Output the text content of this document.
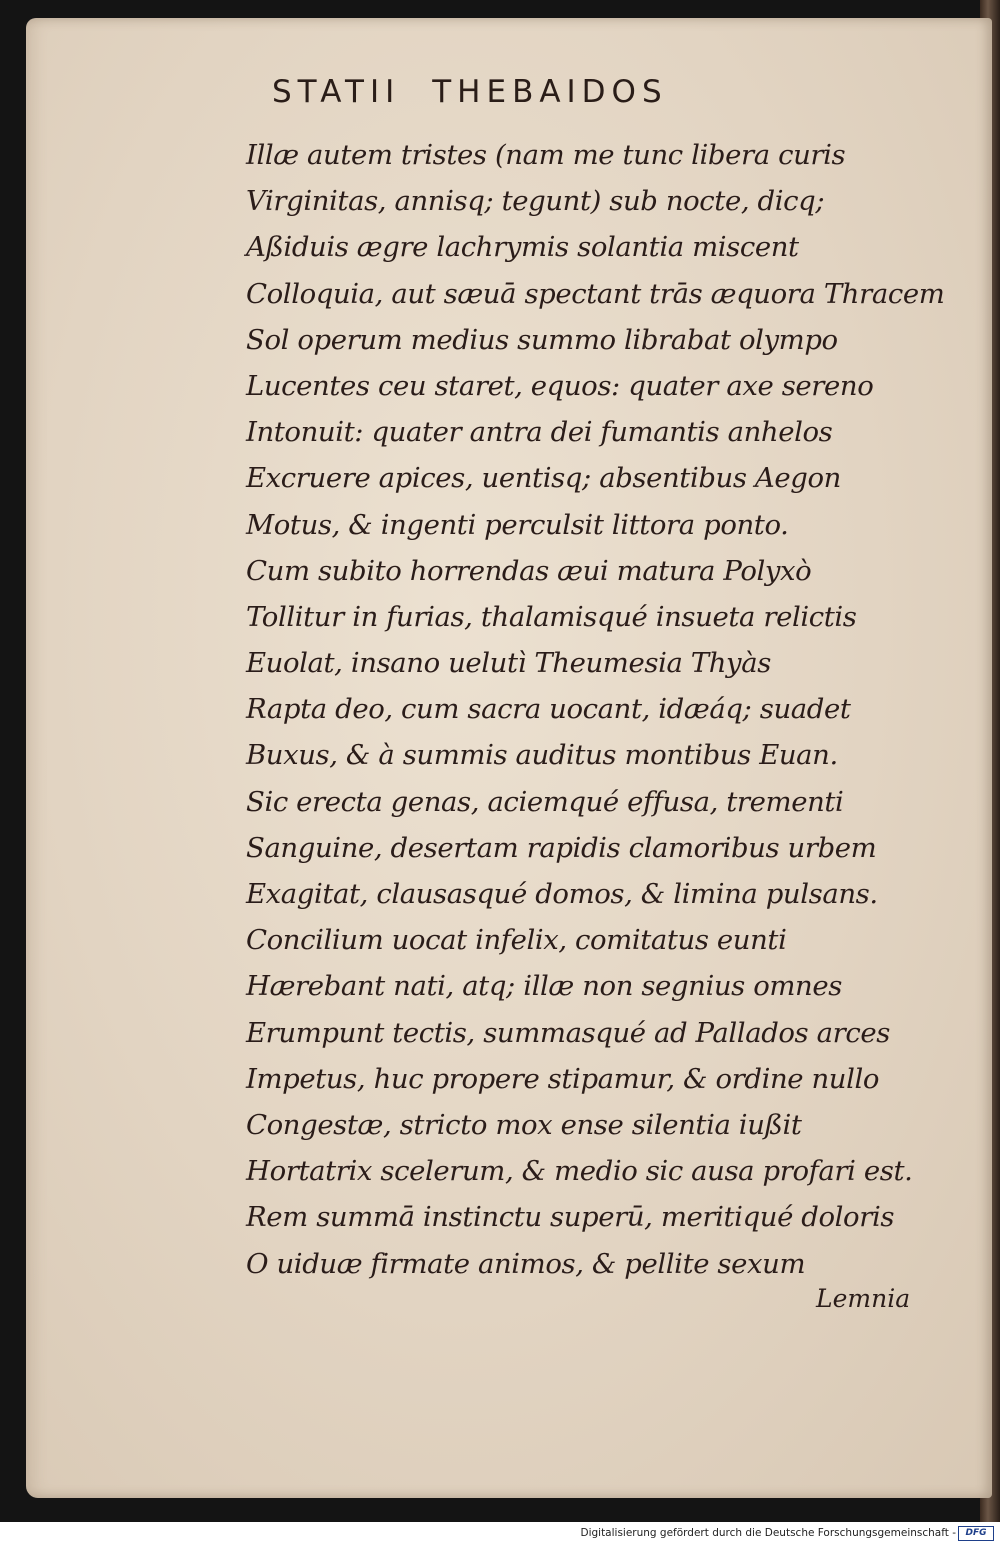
STATII THEBAIDOS
Illæ autem tristes (nam me tunc libera curis
Virginitas, annisq; tegunt) sub nocte, dicq;
Aßiduis ægre lachrymis solantia miscent
Colloquia, aut sæuā spectant trās æquora Thracem
Sol operum medius summo librabat olympo
Lucentes ceu staret, equos: quater axe sereno
Intonuit: quater antra dei fumantis anhelos
Excruere apices, uentisq; absentibus Aegon
Motus, & ingenti perculsit littora ponto.
Cum subito horrendas æui matura Polyxò
Tollitur in furias, thalamisqué insueta relictis
Euolat, insano uelutì Theumesia Thyàs
Rapta deo, cum sacra uocant, idæáq; suadet
Buxus, & à summis auditus montibus Euan.
Sic erecta genas, aciemqué effusa, trementi
Sanguine, desertam rapidis clamoribus urbem
Exagitat, clausasqué domos, & limina pulsans.
Concilium uocat infelix, comitatus eunti
Hærebant nati, atq; illæ non segnius omnes
Erumpunt tectis, summasqué ad Pallados arces
Impetus, huc propere stipamur, & ordine nullo
Congestæ, stricto mox ense silentia iußit
Hortatrix scelerum, & medio sic ausa profari est.
Rem summā instinctu superū, meritiqué doloris
O uiduæ firmate animos, & pellite sexum
Lemnia
Digitalisierung gefördert durch die Deutsche Forschungsgemeinschaft -	DFG
